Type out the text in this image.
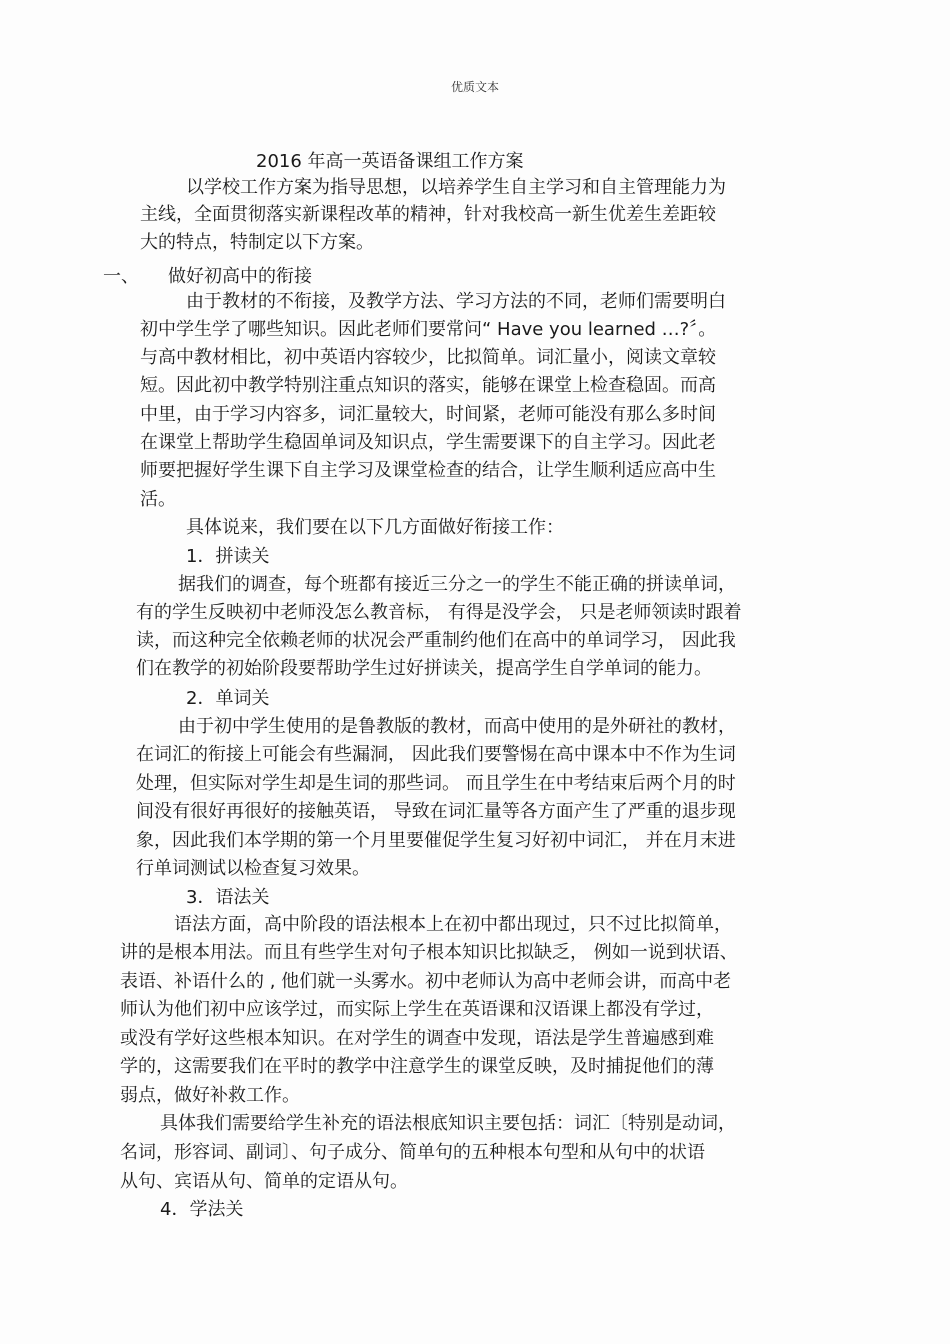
优质文本
2016 年高一英语备课组工作方案
以学校工作方案为指导思想，以培养学生自主学习和自主管理能力为
主线，全面贯彻落实新课程改革的精神，针对我校高一新生优差生差距较
大的特点，特制定以下方案。
一、 做好初高中的衔接
由于教材的不衔接，及教学方法、学习方法的不同，老师们需要明白
初中学生学了哪些知识。因此老师们要常问“ Have you learned …?〞。
与高中教材相比，初中英语内容较少，比拟简单。词汇量小，阅读文章较
短。因此初中教学特别注重点知识的落实，能够在课堂上检查稳固。而高
中里，由于学习内容多，词汇量较大，时间紧，老师可能没有那么多时间
在课堂上帮助学生稳固单词及知识点，学生需要课下的自主学习。因此老
师要把握好学生课下自主学习及课堂检查的结合，让学生顺利适应高中生
活。
具体说来，我们要在以下几方面做好衔接工作：
1．拼读关
据我们的调查，每个班都有接近三分之一的学生不能正确的拼读单词，
有的学生反映初中老师没怎么教音标， 有得是没学会， 只是老师领读时跟着
读，而这种完全依赖老师的状况会严重制约他们在高中的单词学习， 因此我
们在教学的初始阶段要帮助学生过好拼读关，提高学生自学单词的能力。
2．单词关
由于初中学生使用的是鲁教版的教材，而高中使用的是外研社的教材，
在词汇的衔接上可能会有些漏洞， 因此我们要警惕在高中课本中不作为生词
处理，但实际对学生却是生词的那些词。 而且学生在中考结束后两个月的时
间没有很好再很好的接触英语， 导致在词汇量等各方面产生了严重的退步现
象，因此我们本学期的第一个月里要催促学生复习好初中词汇， 并在月末进
行单词测试以检查复习效果。
3．语法关
语法方面，高中阶段的语法根本上在初中都出现过，只不过比拟简单，
讲的是根本用法。而且有些学生对句子根本知识比拟缺乏， 例如一说到状语、
表语、补语什么的 , 他们就一头雾水。初中老师认为高中老师会讲，而高中老
师认为他们初中应该学过，而实际上学生在英语课和汉语课上都没有学过，
或没有学好这些根本知识。在对学生的调查中发现，语法是学生普遍感到难
学的，这需要我们在平时的教学中注意学生的课堂反映，及时捕捉他们的薄
弱点，做好补救工作。
具体我们需要给学生补充的语法根底知识主要包括：词汇〔特别是动词，
名词，形容词、副词〕、句子成分、简单句的五种根本句型和从句中的状语
从句、宾语从句、简单的定语从句。
4．学法关
